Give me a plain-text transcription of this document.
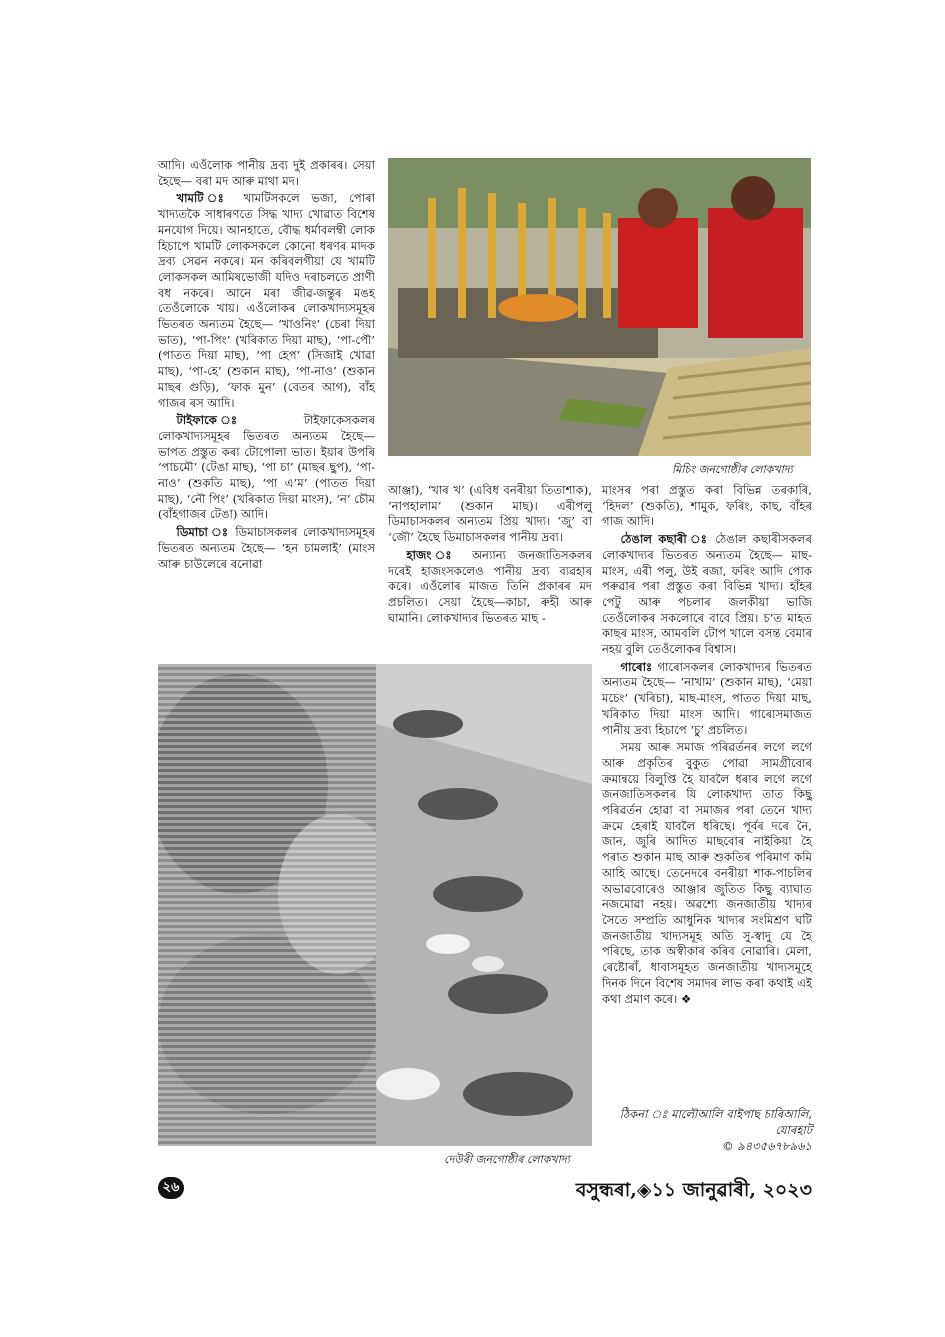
আদি। এওঁলোক পানীয় দ্ৰব্য দুই প্ৰকাৰৰ। সেয়া হৈছে— বৰা মদ আৰু মাথা মদ।

খামটি ঃ খামটিসকলে ভজা, পোৰা খাদ্যতকৈ সাধাৰণতে সিদ্ধ খাদ্য খোৱাত বিশেষ মনযোগ দিয়ে। আনহাতে, বৌদ্ধ ধৰ্মাবলম্বী লোক হিচাপে খামটি লোকসকলে কোনো ধৰণৰ মাদক দ্ৰব্য সেৱন নকৰে। মন কৰিবলগীয়া যে খামটি লোকসকল আমিষভোজী যদিও দৰাচলতে প্ৰাণী বধ নকৰে। আনে মৰা জীৱ-জন্তুৰ মঙহ তেওঁলোকে খায়। এওঁলোকৰ লোকখাদ্যসমূহৰ ভিতৰত অন্যতম হৈছে— ‘খাওনিং’ (চেৰা দিয়া ভাত), ‘পা-পিং’ (খৰিকাত দিয়া মাছ), ‘পা-পৌ’ (পাতত দিয়া মাছ), ‘পা হেপ’ (সিজাই খোৱা মাছ), ‘পা-হে’ (শুকান মাছ), ‘পা-নাও’ (শুকান মাছৰ গুড়ি), ‘ফাক মুন’ (বেতৰ আগ), বাঁহ গাজৰ ৰস আদি।

টাইফাকে ঃ	টাইফাকেসকলৰ লোকখাদ্যসমূহৰ ভিতৰত অন্যতম হৈছে— ভাপত প্ৰস্তুত কৰা টোপোলা ভাত। ইয়াৰ উপৰি ‘পাচমৌ’ (টেঙা মাছ), ‘পা চা’ (মাছৰ ছুপ), ‘পা-নাও’ (শুকতি মাছ), ‘পা এ’ম’ (পাতত দিয়া মাছ), ‘নৌ পিং’ (খৰিকাত দিয়া মাংস), ‘ন’ চৌম (বাঁহগাজৰ টেঙা) আদি।

ডিমাচা ঃ ডিমাচাসকলৰ লোকখাদ্যসমূহৰ ভিতৰত অন্যতম হৈছে— ‘হন চামলাই’ (মাংস আৰু চাউলেৰে বনোৱা

মিচিং জনগোষ্ঠীৰ লোকখাদ্য

আঞ্জা), ‘খাৰ খ’ (এবিধ বনৰীয়া তিতাশাক), ‘নাপহালাম’ (শুকান মাছ)। এৰীপলু ডিমাচাসকলৰ অন্যতম প্ৰিয় খাদ্য। ‘জু’ বা ‘জৌ’ হৈছে ডিমাচাসকলৰ পানীয় দ্ৰব্য।

হাজং ঃ অন্যান্য জনজাতিসকলৰ দৰেই হাজংসকলেও পানীয় দ্ৰব্য ব্যৱহাৰ কৰে। এওঁলোৰ মাজত তিনি প্ৰকাৰৰ মদ প্ৰচলিত। সেয়া হৈছে—কাচা, ৰুহী আৰু ঘামানি। লোকখাদ্যৰ ভিতৰত মাছ -

দেউৰী জনগোষ্ঠীৰ লোকখাদ্য

মাংসৰ পৰা প্ৰস্তুত কৰা বিভিন্ন তৰকাৰি, ‘হিদল’ (শুকতি), শামুক, ফৰিং, কাছ, বাঁহৰ গাজ আদি।

ঠেঙাল কছাৰী ঃ ঠেঙাল কছাৰীসকলৰ লোকখাদ্যৰ ভিতৰত অন্যতম হৈছে— মাছ-মাংস, এৰী পলু, উই ৰজা, ফৰিং আদি পোক পৰুৱাৰ পৰা প্ৰস্তুত কৰা বিভিন্ন খাদ্য। হাঁহৰ পেটু আৰু পচলাৰ জলকীয়া ভাজি তেওঁলোকৰ সকলোৰে বাবে প্ৰিয়। চ’ত মাহত কাছৰ মাংস, আমবলি টোপ খালে বসন্ত বেমাৰ নহয় বুলি তেওঁলোকৰ বিশ্বাস।

গাৰোঃ গাৰোসকলৰ লোকখাদ্যৰ ভিতৰত অন্যতম হৈছে— ‘নাখাম’ (শুকান মাছ), ‘মেয়া মচেং’ (খৰিচা), মাছ-মাংস, পাতত দিয়া মাছ, খৰিকাত দিয়া মাংস আদি। গাৰোসমাজত পানীয় দ্ৰব্য হিচাপে ‘চু’ প্ৰচলিত।

সময় আৰু সমাজ পৰিৱৰ্তনৰ লগে লগে আৰু প্ৰকৃতিৰ বুকুত পোৱা সামগ্ৰীবোৰ ক্ৰমান্বয়ে বিলুপ্তি হৈ যাবলৈ ধৰাৰ লগে লগে জনজাতিসকলৰ যি লোকখাদ্য তাত কিছু পৰিৱৰ্তন হোৱা বা সমাজৰ পৰা তেনে খাদ্য ক্ৰমে হেৰাই যাবলৈ ধৰিছে। পূৰ্বৰ দৰে নৈ, জান, জুৰি আদিত মাছবোৰ নাইকিয়া হৈ পৰাত শুকান মাছ আৰু শুকতিৰ পৰিমাণ কমি আহি আছে। তেনেদৰে বনৰীয়া শাক-পাচলিৰ অভাৱবোৰেও আঞ্জাৰ জুতিত কিছু ব্যাঘাত নজমোৱা নহয়। অৱশ্যে জনজাতীয় খাদ্যৰ সৈতে সম্প্ৰতি আধুনিক খাদ্যৰ সংমিশ্ৰণ ঘটি জনজাতীয় খাদ্যসমূহ অতি সু-স্বাদু যে হৈ পৰিছে, তাক অস্বীকাৰ কৰিব নোৱাৰি। মেলা, ৰেষ্টোৰাঁ, ধাবাসমূহত জনজাতীয় খাদ্যসমূহে দিনক দিনে বিশেষ সমাদৰ লাভ কৰা কথাই এই কথা প্ৰমাণ কৰে। ❖

ঠিকনা ঃ মালৌআলি বাইপাছ চাৰিআলি,
যোৰহাট
© ৯৪৩৫৬৭৮৯৬১
২৬	বসুন্ধৰা,◈১১ জানুৱাৰী, ২০২৩
